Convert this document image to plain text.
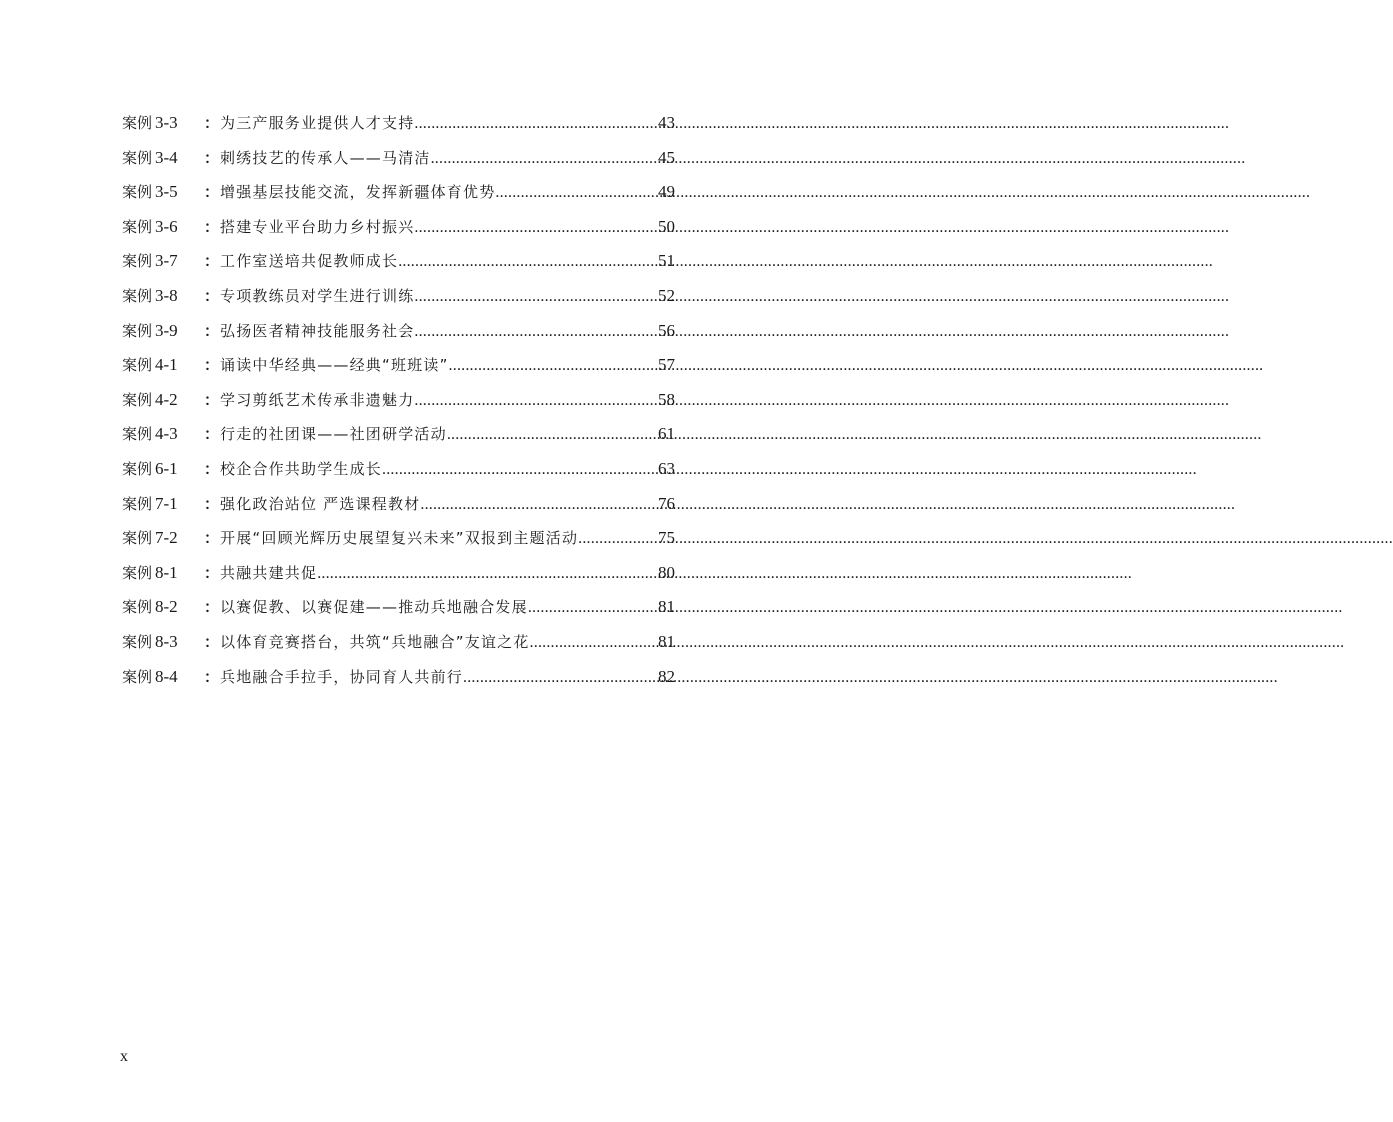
案例 3-3	： 为三产服务业提供人才支持 .....	43
案例 3-4	： 刺绣技艺的传承人——马清洁 .....	45
案例 3-5	： 增强基层技能交流，发挥新疆体育优势 .....	49
案例 3-6	： 搭建专业平台助力乡村振兴 .....	50
案例 3-7	： 工作室送培共促教师成长 .....	51
案例 3-8	： 专项教练员对学生进行训练 .....	52
案例 3-9	： 弘扬医者精神技能服务社会 .....	56
案例 4-1	： 诵读中华经典——经典“班班读” .....	57
案例 4-2	： 学习剪纸艺术传承非遗魅力 .....	58
案例 4-3	： 行走的社团课——社团研学活动 .....	61
案例 6-1	： 校企合作共助学生成长 .....	63
案例 7-1	： 强化政治站位 严选课程教材 .....	76
案例 7-2	： 开展“回顾光辉历史展望复兴未来”双报到主题活动 .....	75
案例 8-1	： 共融共建共促 .....	80
案例 8-2	： 以赛促教、以赛促建——推动兵地融合发展 .....	81
案例 8-3	： 以体育竞赛搭台，共筑“兵地融合”友谊之花 .....	81
案例 8-4	： 兵地融合手拉手，协同育人共前行 .....	82
x
